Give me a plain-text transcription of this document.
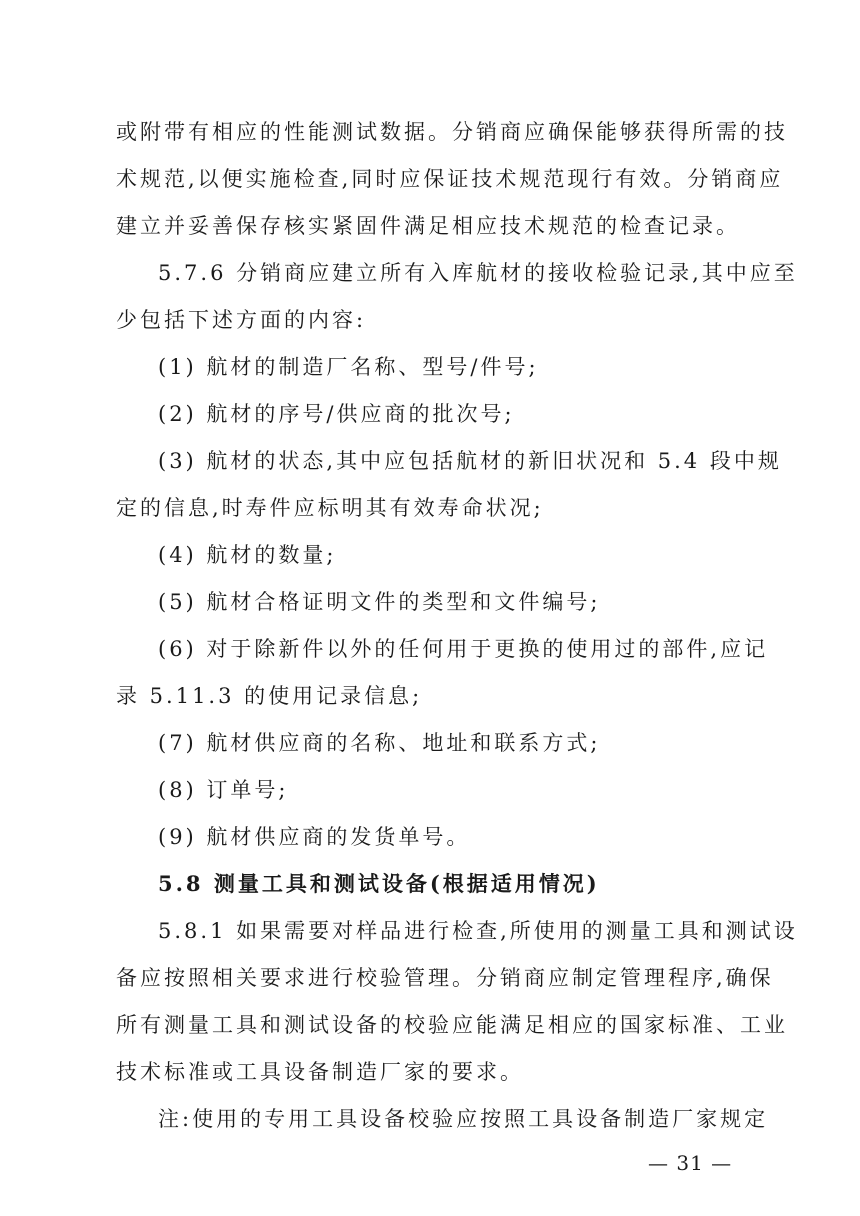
或附带有相应的性能测试数据。分销商应确保能够获得所需的技
术规范,以便实施检查,同时应保证技术规范现行有效。分销商应
建立并妥善保存核实紧固件满足相应技术规范的检查记录。
5.7.6 分销商应建立所有入库航材的接收检验记录,其中应至
少包括下述方面的内容:
(1) 航材的制造厂名称、型号/件号;
(2) 航材的序号/供应商的批次号;
(3) 航材的状态,其中应包括航材的新旧状况和 5.4 段中规
定的信息,时寿件应标明其有效寿命状况;
(4) 航材的数量;
(5) 航材合格证明文件的类型和文件编号;
(6) 对于除新件以外的任何用于更换的使用过的部件,应记
录 5.11.3 的使用记录信息;
(7) 航材供应商的名称、地址和联系方式;
(8) 订单号;
(9) 航材供应商的发货单号。
5.8 测量工具和测试设备(根据适用情况)
5.8.1 如果需要对样品进行检查,所使用的测量工具和测试设
备应按照相关要求进行校验管理。分销商应制定管理程序,确保
所有测量工具和测试设备的校验应能满足相应的国家标准、工业
技术标准或工具设备制造厂家的要求。
注:使用的专用工具设备校验应按照工具设备制造厂家规定
— 31 —
